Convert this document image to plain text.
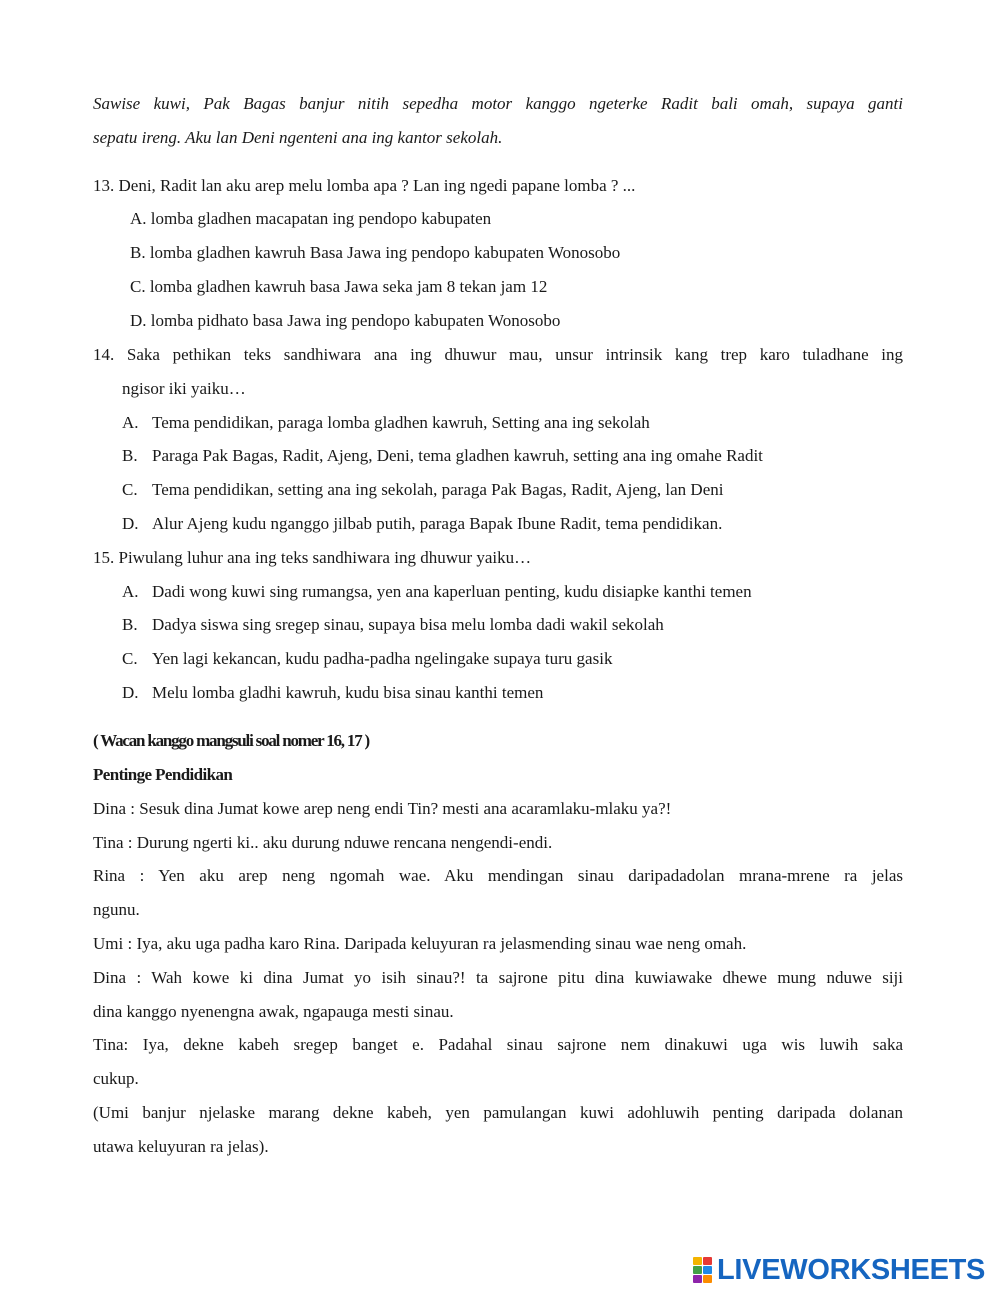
Sawise kuwi, Pak Bagas banjur nitih sepedha motor kanggo ngeterke Radit bali omah, supaya ganti
sepatu ireng. Aku lan Deni ngenteni ana ing kantor sekolah.
13. Deni, Radit lan aku arep melu lomba apa ? Lan ing ngedi papane lomba ? ...
A. lomba gladhen macapatan ing pendopo kabupaten
B. lomba gladhen kawruh Basa Jawa ing pendopo kabupaten Wonosobo
C. lomba gladhen kawruh basa Jawa seka jam 8 tekan jam 12
D. lomba pidhato basa Jawa ing pendopo kabupaten Wonosobo
14. Saka pethikan teks sandhiwara ana ing dhuwur mau, unsur intrinsik kang trep karo tuladhane ing
ngisor iki yaiku…
A. Tema pendidikan, paraga lomba gladhen kawruh, Setting ana ing sekolah
B. Paraga Pak Bagas, Radit, Ajeng, Deni, tema gladhen kawruh, setting ana ing omahe Radit
C. Tema pendidikan, setting ana ing sekolah, paraga Pak Bagas, Radit, Ajeng, lan Deni
D. Alur Ajeng kudu nganggo jilbab putih, paraga Bapak Ibune Radit, tema pendidikan.
15. Piwulang luhur ana ing teks sandhiwara ing dhuwur yaiku…
A. Dadi wong kuwi sing rumangsa, yen ana kaperluan penting, kudu disiapke kanthi temen
B. Dadya siswa sing sregep sinau, supaya bisa melu lomba dadi wakil sekolah
C. Yen lagi kekancan, kudu padha-padha ngelingake supaya turu gasik
D. Melu lomba gladhi kawruh, kudu bisa sinau kanthi temen
( Wacan kanggo mangsuli soal nomer 16, 17 )
Pentinge Pendidikan
Dina : Sesuk dina Jumat kowe arep neng endi Tin? mesti ana acaramlaku-mlaku ya?!
Tina : Durung ngerti ki.. aku durung nduwe rencana nengendi-endi.
Rina : Yen aku arep neng ngomah wae. Aku mendingan sinau daripadadolan mrana-mrene ra jelas
ngunu.
Umi : Iya, aku uga padha karo Rina. Daripada keluyuran ra jelasmending sinau wae neng omah.
Dina : Wah kowe ki dina Jumat yo isih sinau?! ta sajrone pitu dina kuwiawake dhewe mung nduwe siji
dina kanggo nyenengna awak, ngapauga mesti sinau.
Tina: Iya, dekne kabeh sregep banget e. Padahal sinau sajrone nem dinakuwi uga wis luwih saka
cukup.
(Umi banjur njelaske marang dekne kabeh, yen pamulangan kuwi adohluwih penting daripada dolanan
utawa keluyuran ra jelas).
LIVEWORKSHEETS
